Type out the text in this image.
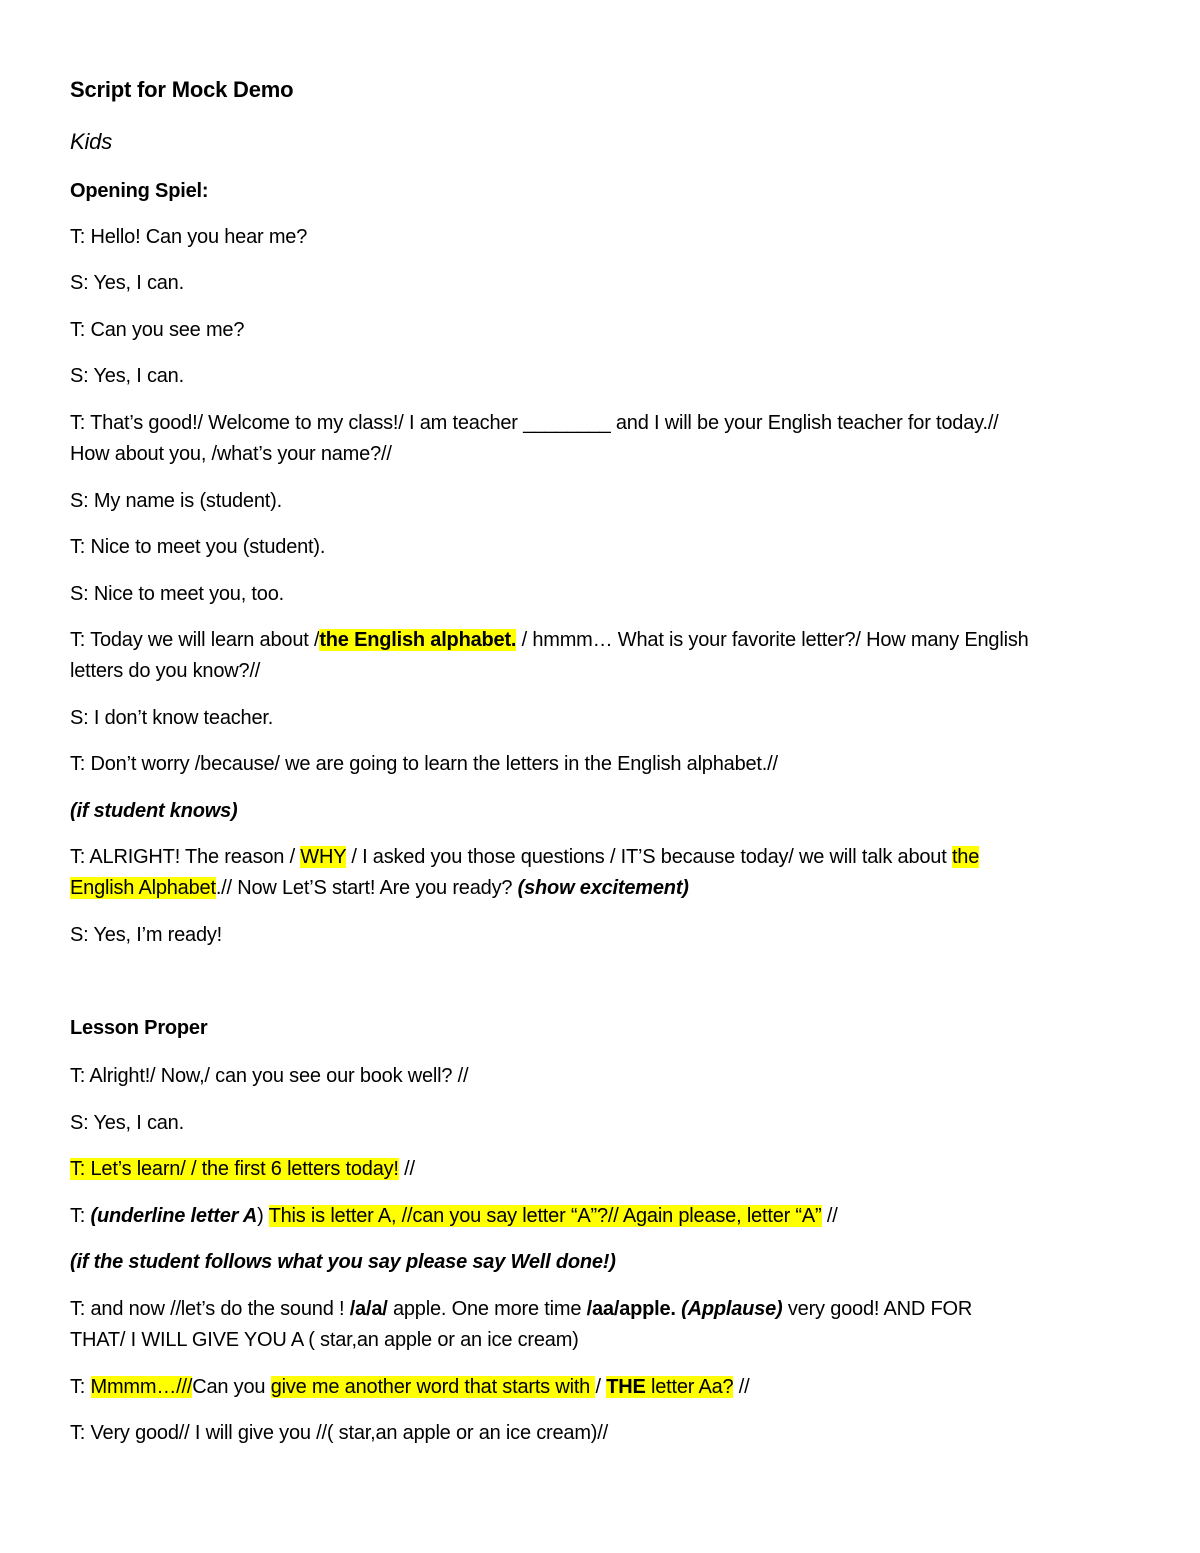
Script for Mock Demo
Kids
Opening Spiel:
T: Hello! Can you hear me?
S: Yes, I can.
T: Can you see me?
S: Yes, I can.
T: That’s good!/ Welcome to my class!/ I am teacher ________ and I will be your English teacher for today.//
How about you, /what’s your name?//
S: My name is (student).
T: Nice to meet you (student).
S: Nice to meet you, too.
T: Today we will learn about /the English alphabet. / hmmm… What is your favorite letter?/ How many English
letters do you know?//
S: I don’t know teacher.
T: Don’t worry /because/ we are going to learn the letters in the English alphabet.//
(if student knows)
T: ALRIGHT! The reason / WHY / I asked you those questions / IT’S because today/ we will talk about the
English Alphabet.// Now Let’S start! Are you ready? (show excitement)
S: Yes, I’m ready!
Lesson Proper
T: Alright!/ Now,/ can you see our book well? //
S: Yes, I can.
T: Let’s learn/ / the first 6 letters today! //
T: (underline letter A) This is letter A, //can you say letter “A”?// Again please, letter “A” //
(if the student follows what you say please say Well done!)
T: and now //let’s do the sound ! /a/a/ apple. One more time /aa/apple. (Applause) very good! AND FOR
THAT/ I WILL GIVE YOU A ( star,an apple or an ice cream)
T: Mmmm…///Can you give me another word that starts with / THE letter Aa? //
T: Very good// I will give you //( star,an apple or an ice cream)//
